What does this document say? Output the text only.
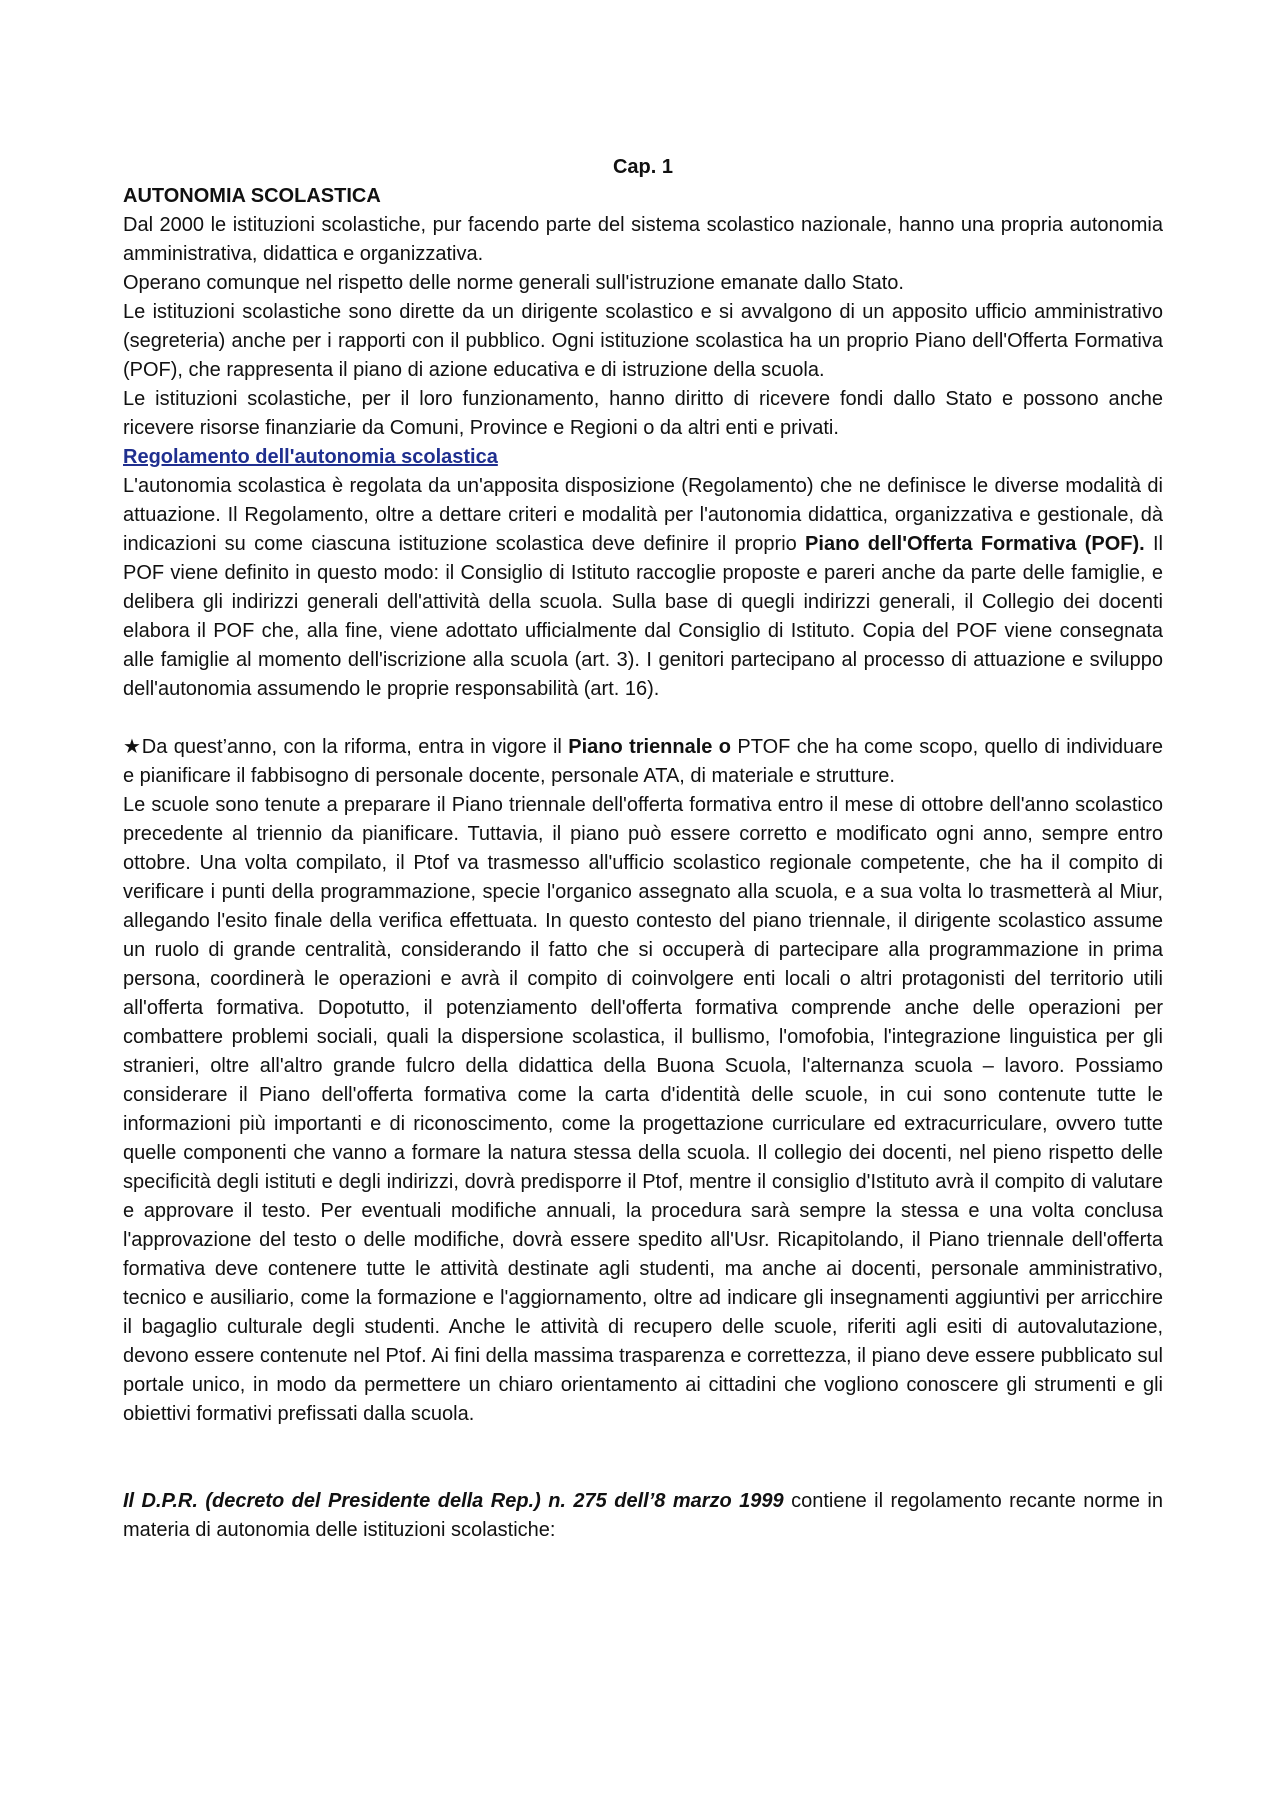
Cap. 1

AUTONOMIA SCOLASTICA

Dal 2000 le istituzioni scolastiche, pur facendo parte del sistema scolastico nazionale, hanno una propria autonomia amministrativa, didattica e organizzativa.

Operano comunque nel rispetto delle norme generali sull'istruzione emanate dallo Stato.

Le istituzioni scolastiche sono dirette da un dirigente scolastico e si avvalgono di un apposito ufficio amministrativo (segreteria) anche per i rapporti con il pubblico. Ogni istituzione scolastica ha un proprio Piano dell'Offerta Formativa (POF), che rappresenta il piano di azione educativa e di istruzione della scuola.

Le istituzioni scolastiche, per il loro funzionamento, hanno diritto di ricevere fondi dallo Stato e possono anche ricevere risorse finanziarie da Comuni, Province e Regioni o da altri enti e privati.

Regolamento dell'autonomia scolastica

L'autonomia scolastica è regolata da un'apposita disposizione (Regolamento) che ne definisce le diverse modalità di attuazione. Il Regolamento, oltre a dettare criteri e modalità per l'autonomia didattica, organizzativa e gestionale, dà indicazioni su come ciascuna istituzione scolastica deve definire il proprio Piano dell'Offerta Formativa (POF). Il POF viene definito in questo modo: il Consiglio di Istituto raccoglie proposte e pareri anche da parte delle famiglie, e delibera gli indirizzi generali dell'attività della scuola. Sulla base di quegli indirizzi generali, il Collegio dei docenti elabora il POF che, alla fine, viene adottato ufficialmente dal Consiglio di Istituto. Copia del POF viene consegnata alle famiglie al momento dell'iscrizione alla scuola (art. 3). I genitori partecipano al processo di attuazione e sviluppo dell'autonomia assumendo le proprie responsabilità (art. 16).

★Da quest’anno, con la riforma, entra in vigore il Piano triennale o PTOF che ha come scopo, quello di individuare e pianificare il fabbisogno di personale docente, personale ATA, di materiale e strutture.

Le scuole sono tenute a preparare il Piano triennale dell'offerta formativa entro il mese di ottobre dell'anno scolastico precedente al triennio da pianificare. Tuttavia, il piano può essere corretto e modificato ogni anno, sempre entro ottobre. Una volta compilato, il Ptof va trasmesso all'ufficio scolastico regionale competente, che ha il compito di verificare i punti della programmazione, specie l'organico assegnato alla scuola, e a sua volta lo trasmetterà al Miur, allegando l'esito finale della verifica effettuata. In questo contesto del piano triennale, il dirigente scolastico assume un ruolo di grande centralità, considerando il fatto che si occuperà di partecipare alla programmazione in prima persona, coordinerà le operazioni e avrà il compito di coinvolgere enti locali o altri protagonisti del territorio utili all'offerta formativa. Dopotutto, il potenziamento dell'offerta formativa comprende anche delle operazioni per combattere problemi sociali, quali la dispersione scolastica, il bullismo, l'omofobia, l'integrazione linguistica per gli stranieri, oltre all'altro grande fulcro della didattica della Buona Scuola, l'alternanza scuola – lavoro. Possiamo considerare il Piano dell'offerta formativa come la carta d'identità delle scuole, in cui sono contenute tutte le informazioni più importanti e di riconoscimento, come la progettazione curriculare ed extracurriculare, ovvero tutte quelle componenti che vanno a formare la natura stessa della scuola. Il collegio dei docenti, nel pieno rispetto delle specificità degli istituti e degli indirizzi, dovrà predisporre il Ptof, mentre il consiglio d'Istituto avrà il compito di valutare e approvare il testo. Per eventuali modifiche annuali, la procedura sarà sempre la stessa e una volta conclusa l'approvazione del testo o delle modifiche, dovrà essere spedito all'Usr. Ricapitolando, il Piano triennale dell'offerta formativa deve contenere tutte le attività destinate agli studenti, ma anche ai docenti, personale amministrativo, tecnico e ausiliario, come la formazione e l'aggiornamento, oltre ad indicare gli insegnamenti aggiuntivi per arricchire il bagaglio culturale degli studenti. Anche le attività di recupero delle scuole, riferiti agli esiti di autovalutazione, devono essere contenute nel Ptof. Ai fini della massima trasparenza e correttezza, il piano deve essere pubblicato sul portale unico, in modo da permettere un chiaro orientamento ai cittadini che vogliono conoscere gli strumenti e gli obiettivi formativi prefissati dalla scuola.

Il D.P.R. (decreto del Presidente della Rep.) n. 275 dell’8 marzo 1999 contiene il regolamento recante norme in materia di autonomia delle istituzioni scolastiche:
